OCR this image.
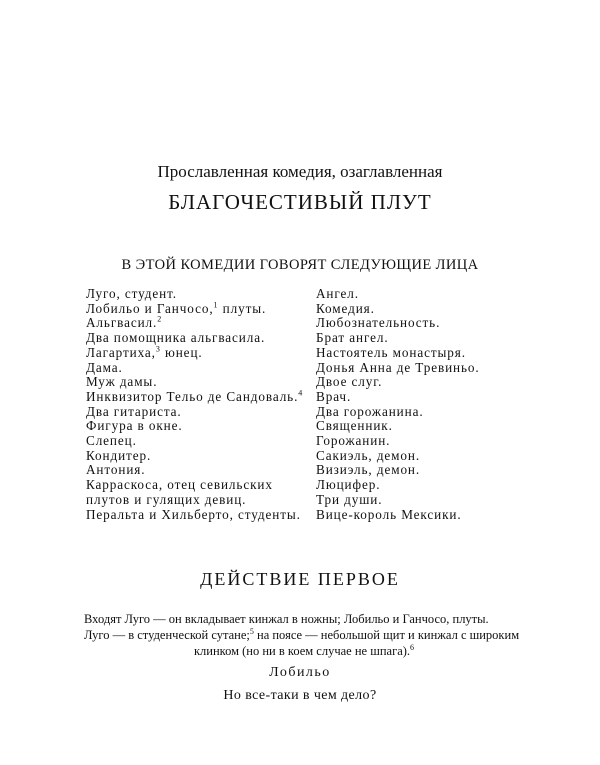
Прославленная комедия, озаглавленная
БЛАГОЧЕСТИВЫЙ ПЛУТ
В ЭТОЙ КОМЕДИИ ГОВОРЯТ СЛЕДУЮЩИЕ ЛИЦА
Луго, студент.
Лобильо и Ганчосо,$^1$ плуты.
Альгвасил.$^2$
Два помощника альгвасила.
Лагартиха,$^3$ юнец.
Дама.
Муж дамы.
Инквизитор Тельо де Сандоваль.$^4$
Два гитариста.
Фигура в окне.
Слепец.
Кондитер.
Антония.
Карраскоса, отец севильских плутов и гулящих девиц.
Перальта и Хильберто, студенты.
Ангел.
Комедия.
Любознательность.
Брат ангел.
Настоятель монастыря.
Донья Анна де Тревиньо.
Двое слуг.
Врач.
Два горожанина.
Священник.
Горожанин.
Сакиэль, демон.
Визиэль, демон.
Люцифер.
Три души.
Вице-король Мексики.
ДЕЙСТВИЕ ПЕРВОЕ
Входят Луго — он вкладывает кинжал в ножны; Лобильо и Ганчосо, плуты.
Луго — в студенческой сутане;$^5$ на поясе — небольшой щит и кинжал с широким
клинком (но ни в коем случае не шпага).$^6$
Лобильо
Но все-таки в чем дело?
